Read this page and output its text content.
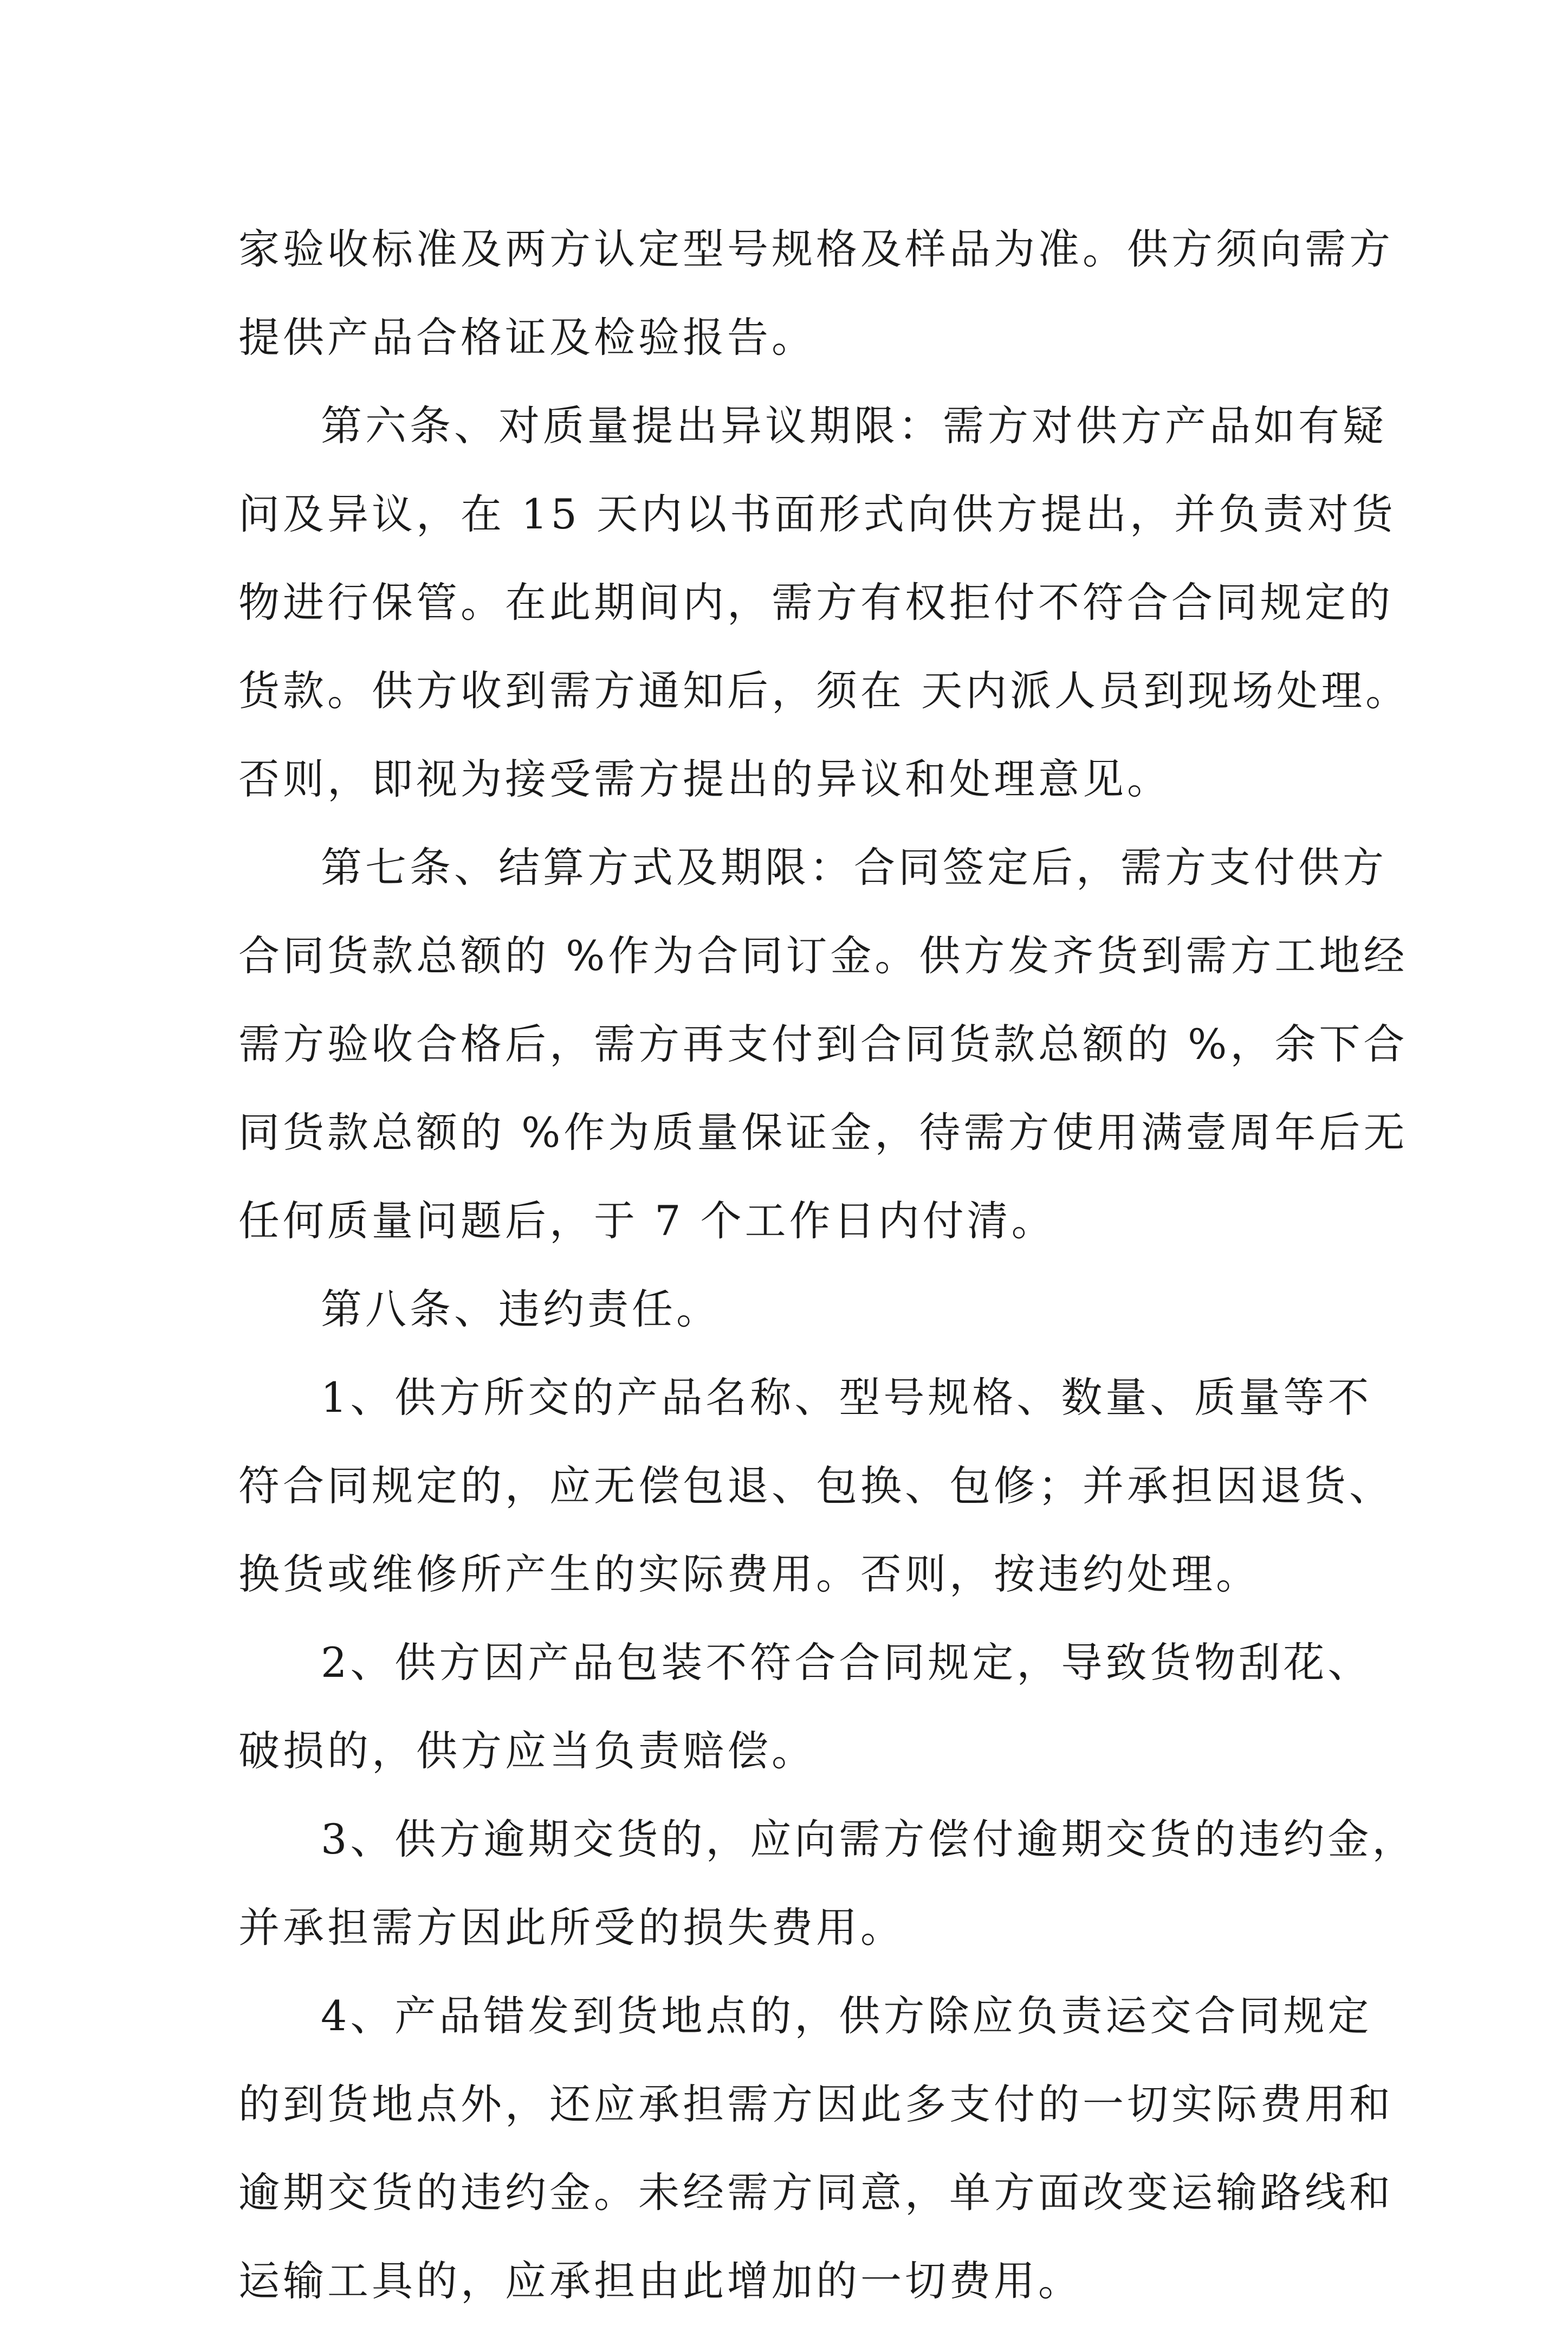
家验收标准及两方认定型号规格及样品为准。供方须向需方
提供产品合格证及检验报告。
第六条、对质量提出异议期限：需方对供方产品如有疑
问及异议，在 15 天内以书面形式向供方提出，并负责对货
物进行保管。在此期间内，需方有权拒付不符合合同规定的
货款。供方收到需方通知后，须在 天内派人员到现场处理。
否则，即视为接受需方提出的异议和处理意见。
第七条、结算方式及期限：合同签定后，需方支付供方
合同货款总额的 %作为合同订金。供方发齐货到需方工地经
需方验收合格后，需方再支付到合同货款总额的 %，余下合
同货款总额的 %作为质量保证金，待需方使用满壹周年后无
任何质量问题后，于 7 个工作日内付清。
第八条、违约责任。
1、供方所交的产品名称、型号规格、数量、质量等不
符合同规定的，应无偿包退、包换、包修；并承担因退货、
换货或维修所产生的实际费用。否则，按违约处理。
2、供方因产品包装不符合合同规定，导致货物刮花、
破损的，供方应当负责赔偿。
3、供方逾期交货的，应向需方偿付逾期交货的违约金，
并承担需方因此所受的损失费用。
4、产品错发到货地点的，供方除应负责运交合同规定
的到货地点外，还应承担需方因此多支付的一切实际费用和
逾期交货的违约金。未经需方同意，单方面改变运输路线和
运输工具的，应承担由此增加的一切费用。
